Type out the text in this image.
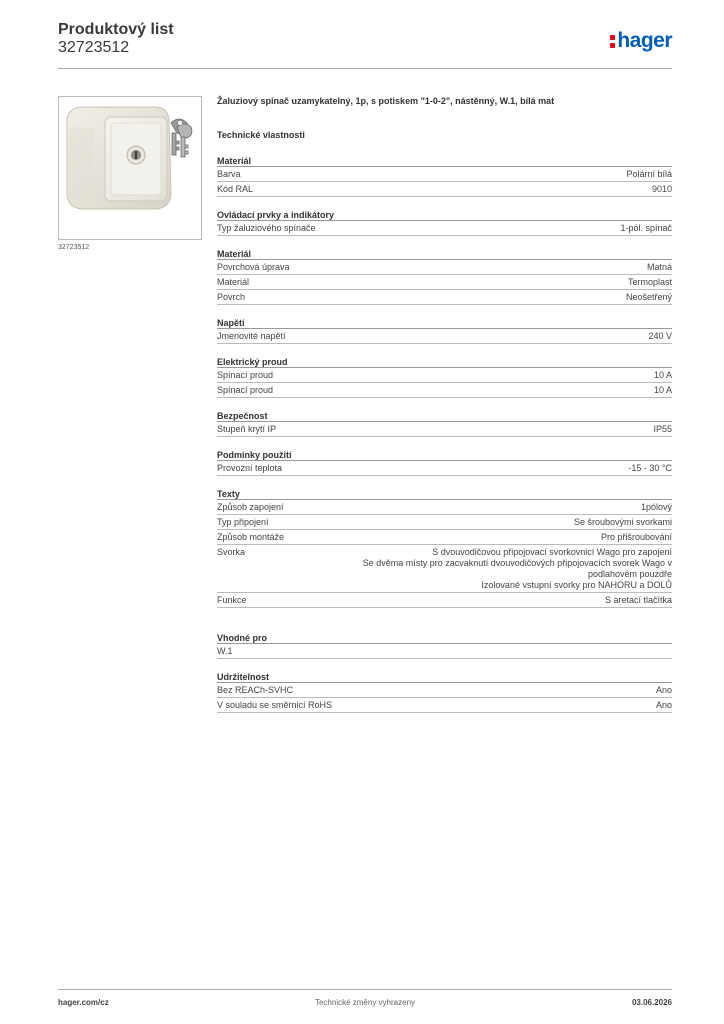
Produktový list
32723512	hager
32723512
Žaluziový spínač uzamykatelný, 1p, s potiskem "1-0-2", nástěnný, W.1, bílá mat
Technické vlastnosti
Materiál
Barva	Polární bílá
Kód RAL	9010
Ovládací prvky a indikátory
Typ žaluziového spínače	1-pól. spínač
Materiál
Povrchová úprava	Matná
Materiál	Termoplast
Povrch	Neošetřený
Napětí
Jmenovité napětí	240 V
Elektrický proud
Spínací proud	10 A
Spínací proud	10 A
Bezpečnost
Stupeň krytí IP	IP55
Podmínky použití
Provozní teplota	-15 - 30 °C
Texty
Způsob zapojení	1pólový
Typ připojení	Se šroubovými svorkami
Způsob montáže	Pro přišroubování
Svorka	S dvouvodičovou připojovací svorkovnicí Wago pro zapojení
Se dvěma místy pro zacvaknutí dvouvodičových připojovacích svorek Wago v
podlahovém pouzdře
Izolované vstupní svorky pro NAHORU a DOLŮ
Funkce	S aretací tlačítka
Vhodné pro
W.1
Udržitelnost
Bez REACh-SVHC	Ano
V souladu se směrnicí RoHS	Ano
hager.com/cz	Technické změny vyhrazeny	03.06.2026
